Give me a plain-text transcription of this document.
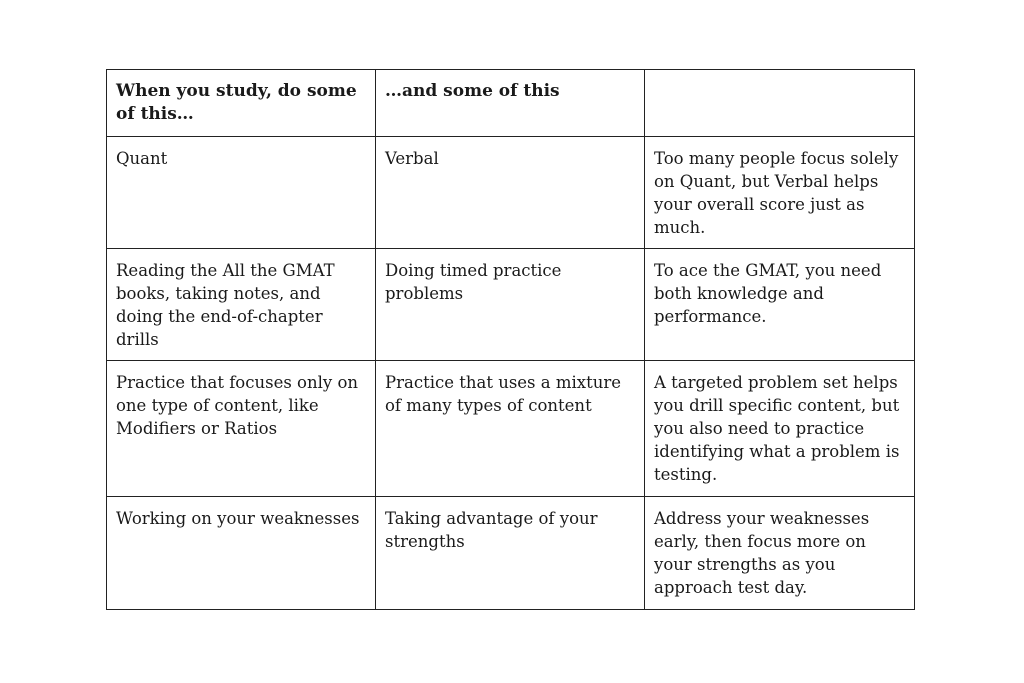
When you study, do some of this…	…and some of this	
Quant	Verbal	Too many people focus solely on Quant, but Verbal helps your overall score just as much.
Reading the All the GMAT books, taking notes, and doing the end-of-chapter drills	Doing timed practice problems	To ace the GMAT, you need both knowledge and performance.
Practice that focuses only on one type of content, like Modifiers or Ratios	Practice that uses a mixture of many types of content	A targeted problem set helps you drill specific content, but you also need to practice identifying what a problem is testing.
Working on your weaknesses	Taking advantage of your strengths	Address your weaknesses early, then focus more on your strengths as you approach test day.
